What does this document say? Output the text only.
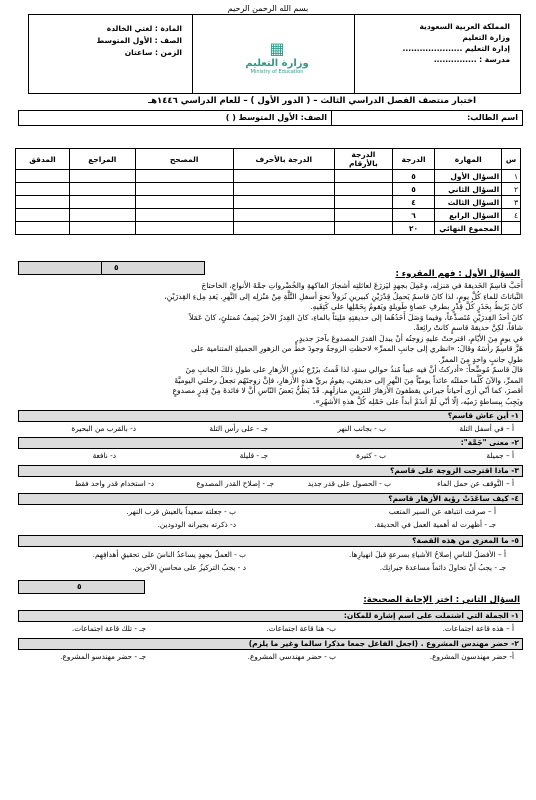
بسم الله الرحمن الرحيم
المملكة العربية السعودية
وزارة التعليم
إدارة التعليم .....................
مدرسة : ...............
▦
وزارة التعليم
Ministry of Education
المادة : لغتي الخالدة
الصف : الأول المتوسط
الزمن : ساعتان
اختبار منتصف الفصل الدراسي الثالث – ( الدور الأول ) – للعام الدراسي ١٤٤٦هـ
اسم الطالب:
الصف: الأول المتوسط ( )
س	المهارة	الدرجة	الدرجة بالأرقام	الدرجة بالأحرف	المصحح	المراجع	المدقق
١	السؤال الأول	٥					
٢	السؤال الثاني	٥					
٣	السؤال الثالث	٤					
٤	السؤال الرابع	٦					
	المجموع النهائي	٢٠					
٥
السؤال الأول : فهم المقروء :
أَحَبَّ قاسِمٌ الحَديقةَ في مَنزلِه، وعَمِلَ بجهدٍ ليَزرَعَ لعائلتِه أشجارَ الفاكهةِ والخُضْرواتِ جمَّةَ الأنواعِ، الخاحتاجَ
النَّباتاتُ للماءِ كُلَّ يومٍ، لذا كانَ قاسمٌ يَحمِلُ قِدْرَيْنِ كبيرينِ نُزولاً نحوَ أسفلِ التَّلَّةِ مِنْ مَنْزلِه إلى النَّهرِ. يَغدِ مِلءِ القِدرَيْنِ،
كانَ يَرْبطُ بِحَذَرٍ كُلَّ قِدْرٍ بطرفِ عصاةٍ طَويلةٍ ويَقومُ بِحَمْلِها على كَتِفَيهِ.
كانَ أحدُ القِدرَيْنِ مُتَصدِّعاً، وفيما وَصَلَ أَحَدُهُما إلى حديقتِهِ مَلِيئاً بالماءِ، كانَ القِدرُ الآخرُ يَصِفُ مُمتلئٍ، كانَ عَمَلاً
شاقاً، لكِنَّ حديقةَ قاسمٍ كانتْ رائِعةً.
في يومٍ مِنَ الأيّامِ، اقترحتْ عليهِ زوجتُه أنْ يبدلَ القدرَ المصدوعَ بآخرَ جديدٍ.
هَزَّ قاسِمٌ رأسَهُ وقالَ: «انظري إلى جانبِ الممرِّ» لاحظتِ الزوجةُ وجودَ خطٍّ من الزهورِ الجميلةِ المتنامية على
طولِ جانبٍ واحدٍ مِنَ الممرِّ.
قالَ قاسمٌ مُوضِّحاً: «أدركتُ أنَّ فيه عيباً مُنذُ حوالي سنةٍ، لذا قُمتُ بزَرْعِ بُذورِ الأزهارِ على طولِ ذلكَ الجانبِ مِنَ
الممرِّ، والآنَ كُلَّما حملتُه عائداً يوميّاً مِنَ النَّهرِ إلى حديقتي، يقومُ بريِّ هذهِ الأزهارِ، فإنَّ زوجتَهُم تجعلُ رحلتي اليوميَّةَ
أقصرَ، كما أنّي أرى أحياناً جيراني يقطفونَ الأزهارَ للتزيينِ منازلَهِم. قَدْ يَظُنُّ بَعضُ النّاسِ أنَّ لا فائدةَ مِنْ قِدرٍ مصدوعٍ
ويَجِبُ بِبساطةٍ رَميُه، إلّا أنّي لَمْ أندَمْ أبداً على حَمْلِه كُلَّ هذهِ الأشهُرِ».
١- أين عاش قاسم؟
أ – في أسفل التلة
ب - بجانب النهر
جـ - على رأس التلة
د- بالقرب من البحيرة
٢- معنى "جَمَّة":
أ – جميلة
ب - كثيرة
جـ - قليلة
د- نافعة
٣- ماذا اقترحت الزوجة على قاسم؟
أ – التَّوقف عن حمل الماء
ب - الحصول على قدر جديد
جـ - إصلاح القدر المصدوع
د- استخدام قدر واحد فقط
٤- كيف ساعَدَتْ رؤية الأزهار قاسم؟
أ – صرفت انتباهه عن السير المتعب
ب - جعلته سعيداً بالعيش قرب النهر.
جـ - أظهرت له أهمية العمل في الحديقة.
د- ذكرته بجيرانه الودودين.
٥- ما المغزى من هذه القصة؟
أ – الأفضلُ للناسِ إصلاحُ الأشياءِ بسرعةٍ قبلَ انهيارِها.
ب - العملُ بجهدٍ يساعدُ الناسَ على تحقيقِ أهدافِهِم.
جـ - يجبُ أنْ تحاولَ دائماً مساعدةَ جيرانِك.
د - يجبُ التركيزُ على محاسنِ الآخرين.
٥
السؤال الثاني : اختر الإجابة الصحيحة:
١- الجملة التي اشتملت على اسم إشارة للمكان:
أ – هذه قاعة اجتماعات.
ب- هنا قاعة اجتماعات.
جـ - تلك قاعة اجتماعات.
٢- حضر مهندس المشروع . (اجعل الفاعل جمعا مذكرا سالما وغير ما يلزم)
أ- حضر مهندسون المشروع.
ب - حضر مهندسي المشروع.
جـ - حضر مهندسو المشروع.
